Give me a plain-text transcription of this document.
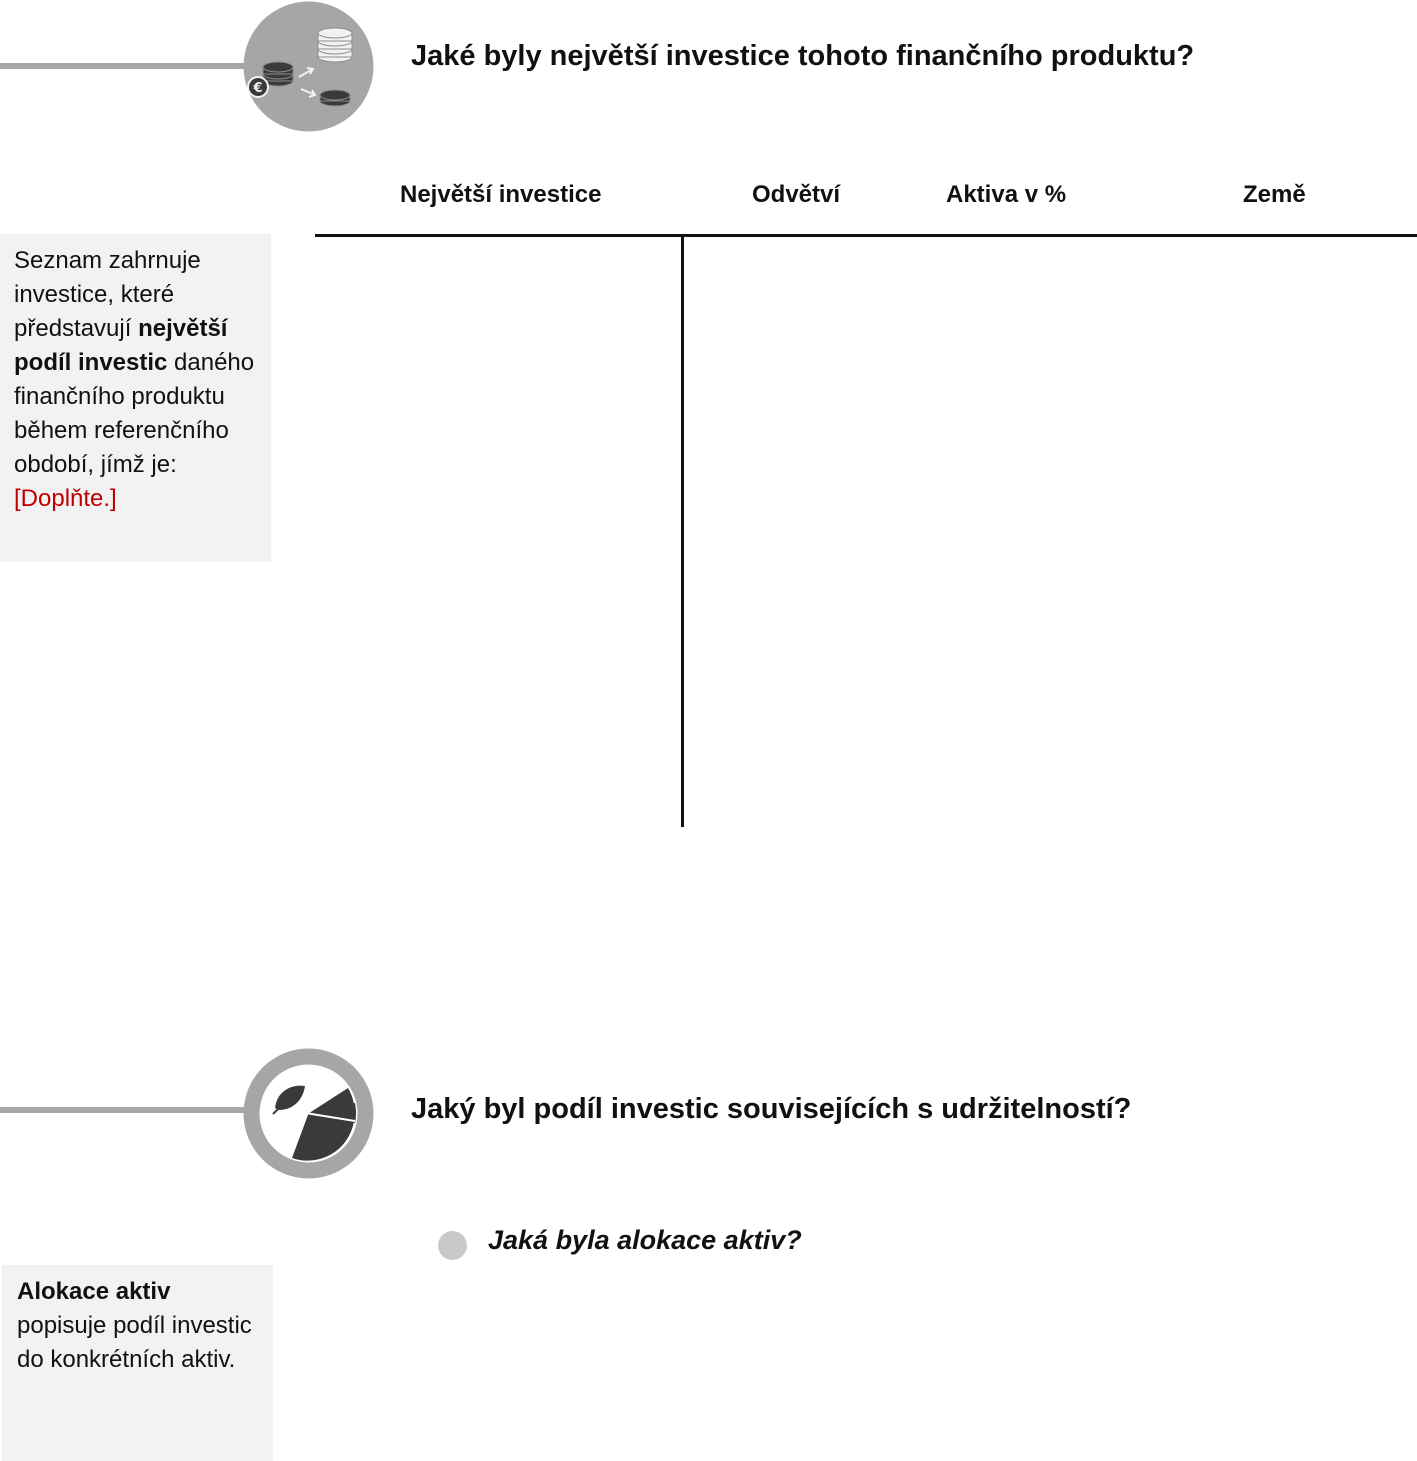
€
Jaké byly největší investice tohoto finančního produktu?
Největší investice	Odvětví	Aktiva v %	Země
Seznam zahrnuje investice, které představují největší podíl investic daného finančního produktu během referenčního období, jímž je: [Doplňte.]
Jaký byl podíl investic souvisejících s udržitelností?
Jaká byla alokace aktiv?
Alokace aktiv popisuje podíl investic do konkrétních aktiv.
